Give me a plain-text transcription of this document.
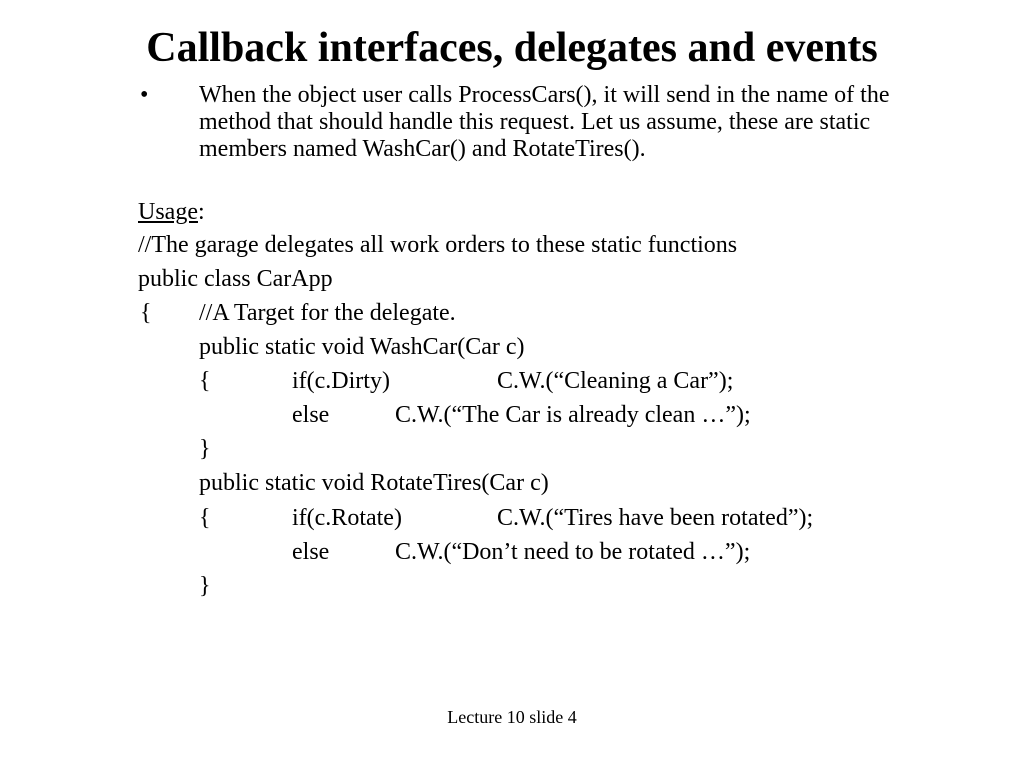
Callback interfaces, delegates and events
• When the object user calls ProcessCars(), it will send in the name of the method that should handle this request. Let us assume, these are static members named WashCar() and RotateTires().
Usage:
//The garage delegates all work orders to these static functions
public class CarApp
{ //A Target for the delegate.
public static void WashCar(Car c)
{	if(c.Dirty)	C.W.(“Cleaning a Car”);
else	C.W.(“The Car is already clean …”);
}
public static void RotateTires(Car c)
{	if(c.Rotate)	C.W.(“Tires have been rotated”);
else	C.W.(“Don’t need to be rotated …”);
}
Lecture 10 slide 4
